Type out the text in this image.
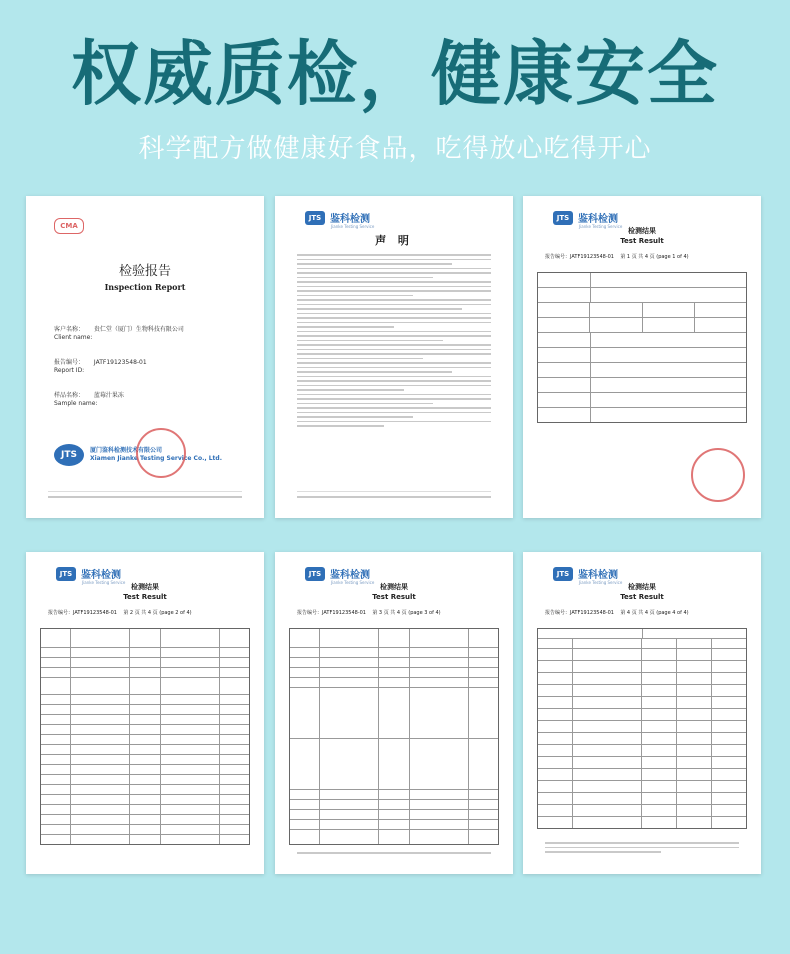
权威质检，健康安全
科学配方做健康好食品，吃得放心吃得开心
CMA
检验报告
Inspection Report
客户名称： 贵仁堂（厦门）生物科技有限公司
Client name:
报告编号： JATF19123548-01
Report ID:
样品名称： 蓝莓汁果冻
Sample name:
JTS	厦门鉴科检测技术有限公司
Xiamen Jianke Testing Service Co., Ltd.
JTS 鉴科检测
Jianke Testing Service
声 明
JTS 鉴科检测
Jianke Testing Service
检测结果
Test Result
报告编号：JATF19123548-01 第 1 页 共 4 页 (page 1 of 4)
JTS 鉴科检测
Jianke Testing Service
检测结果
Test Result
报告编号：JATF19123548-01 第 2 页 共 4 页 (page 2 of 4)
JTS 鉴科检测
Jianke Testing Service
检测结果
Test Result
报告编号：JATF19123548-01 第 3 页 共 4 页 (page 3 of 4)
JTS 鉴科检测
Jianke Testing Service
检测结果
Test Result
报告编号：JATF19123548-01 第 4 页 共 4 页 (page 4 of 4)
